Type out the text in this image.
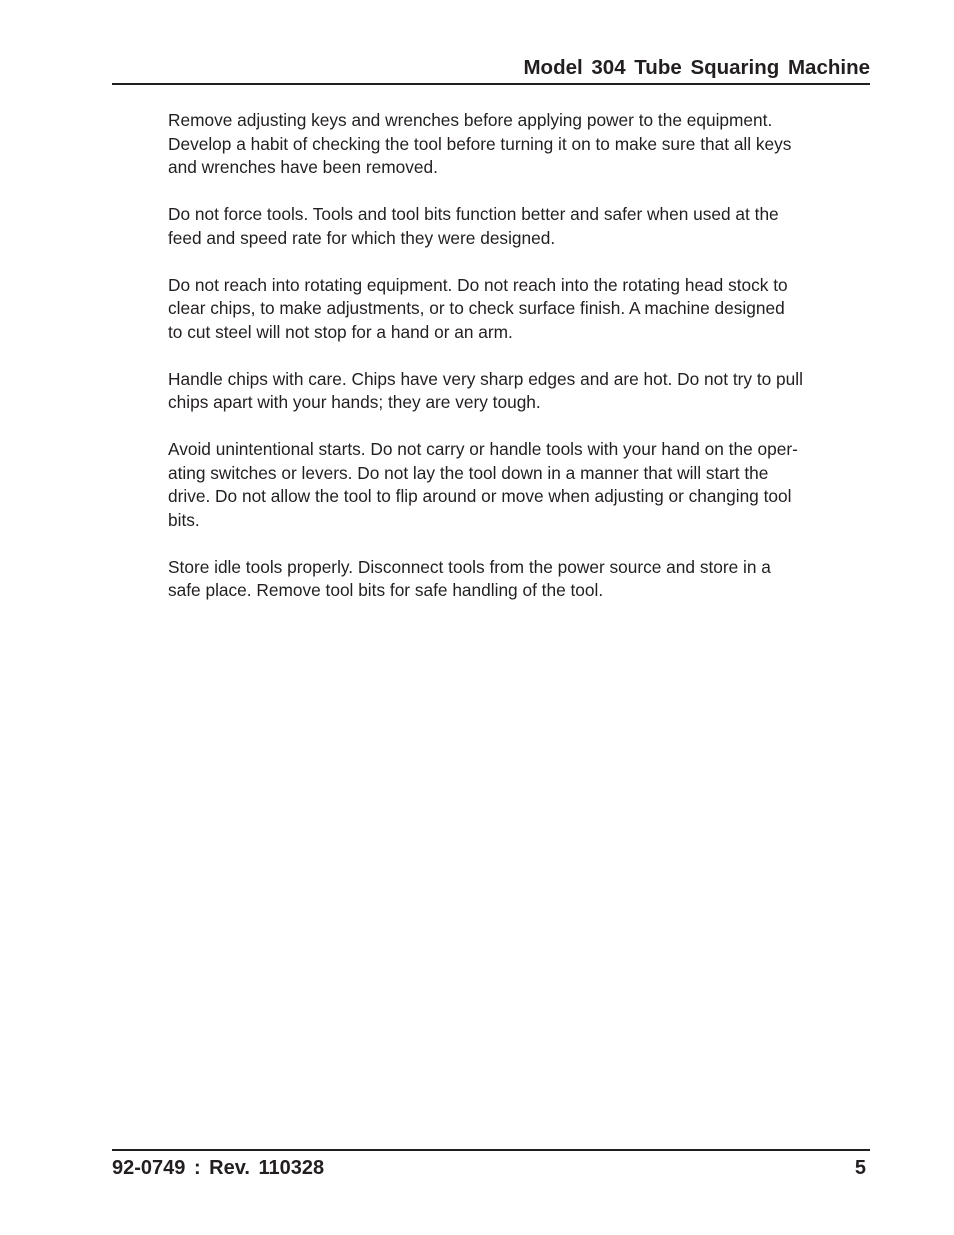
Model 304 Tube Squaring Machine

Remove adjusting keys and wrenches before applying power to the equipment.
Develop a habit of checking the tool before turning it on to make sure that all keys
and wrenches have been removed.

Do not force tools. Tools and tool bits function better and safer when used at the
feed and speed rate for which they were designed.

Do not reach into rotating equipment. Do not reach into the rotating head stock to
clear chips, to make adjustments, or to check surface finish. A machine designed
to cut steel will not stop for a hand or an arm.

Handle chips with care. Chips have very sharp edges and are hot. Do not try to pull
chips apart with your hands; they are very tough.

Avoid unintentional starts. Do not carry or handle tools with your hand on the oper-
ating switches or levers. Do not lay the tool down in a manner that will start the
drive. Do not allow the tool to flip around or move when adjusting or changing tool
bits.

Store idle tools properly. Disconnect tools from the power source and store in a
safe place. Remove tool bits for safe handling of the tool.

92-0749 : Rev. 110328	5
